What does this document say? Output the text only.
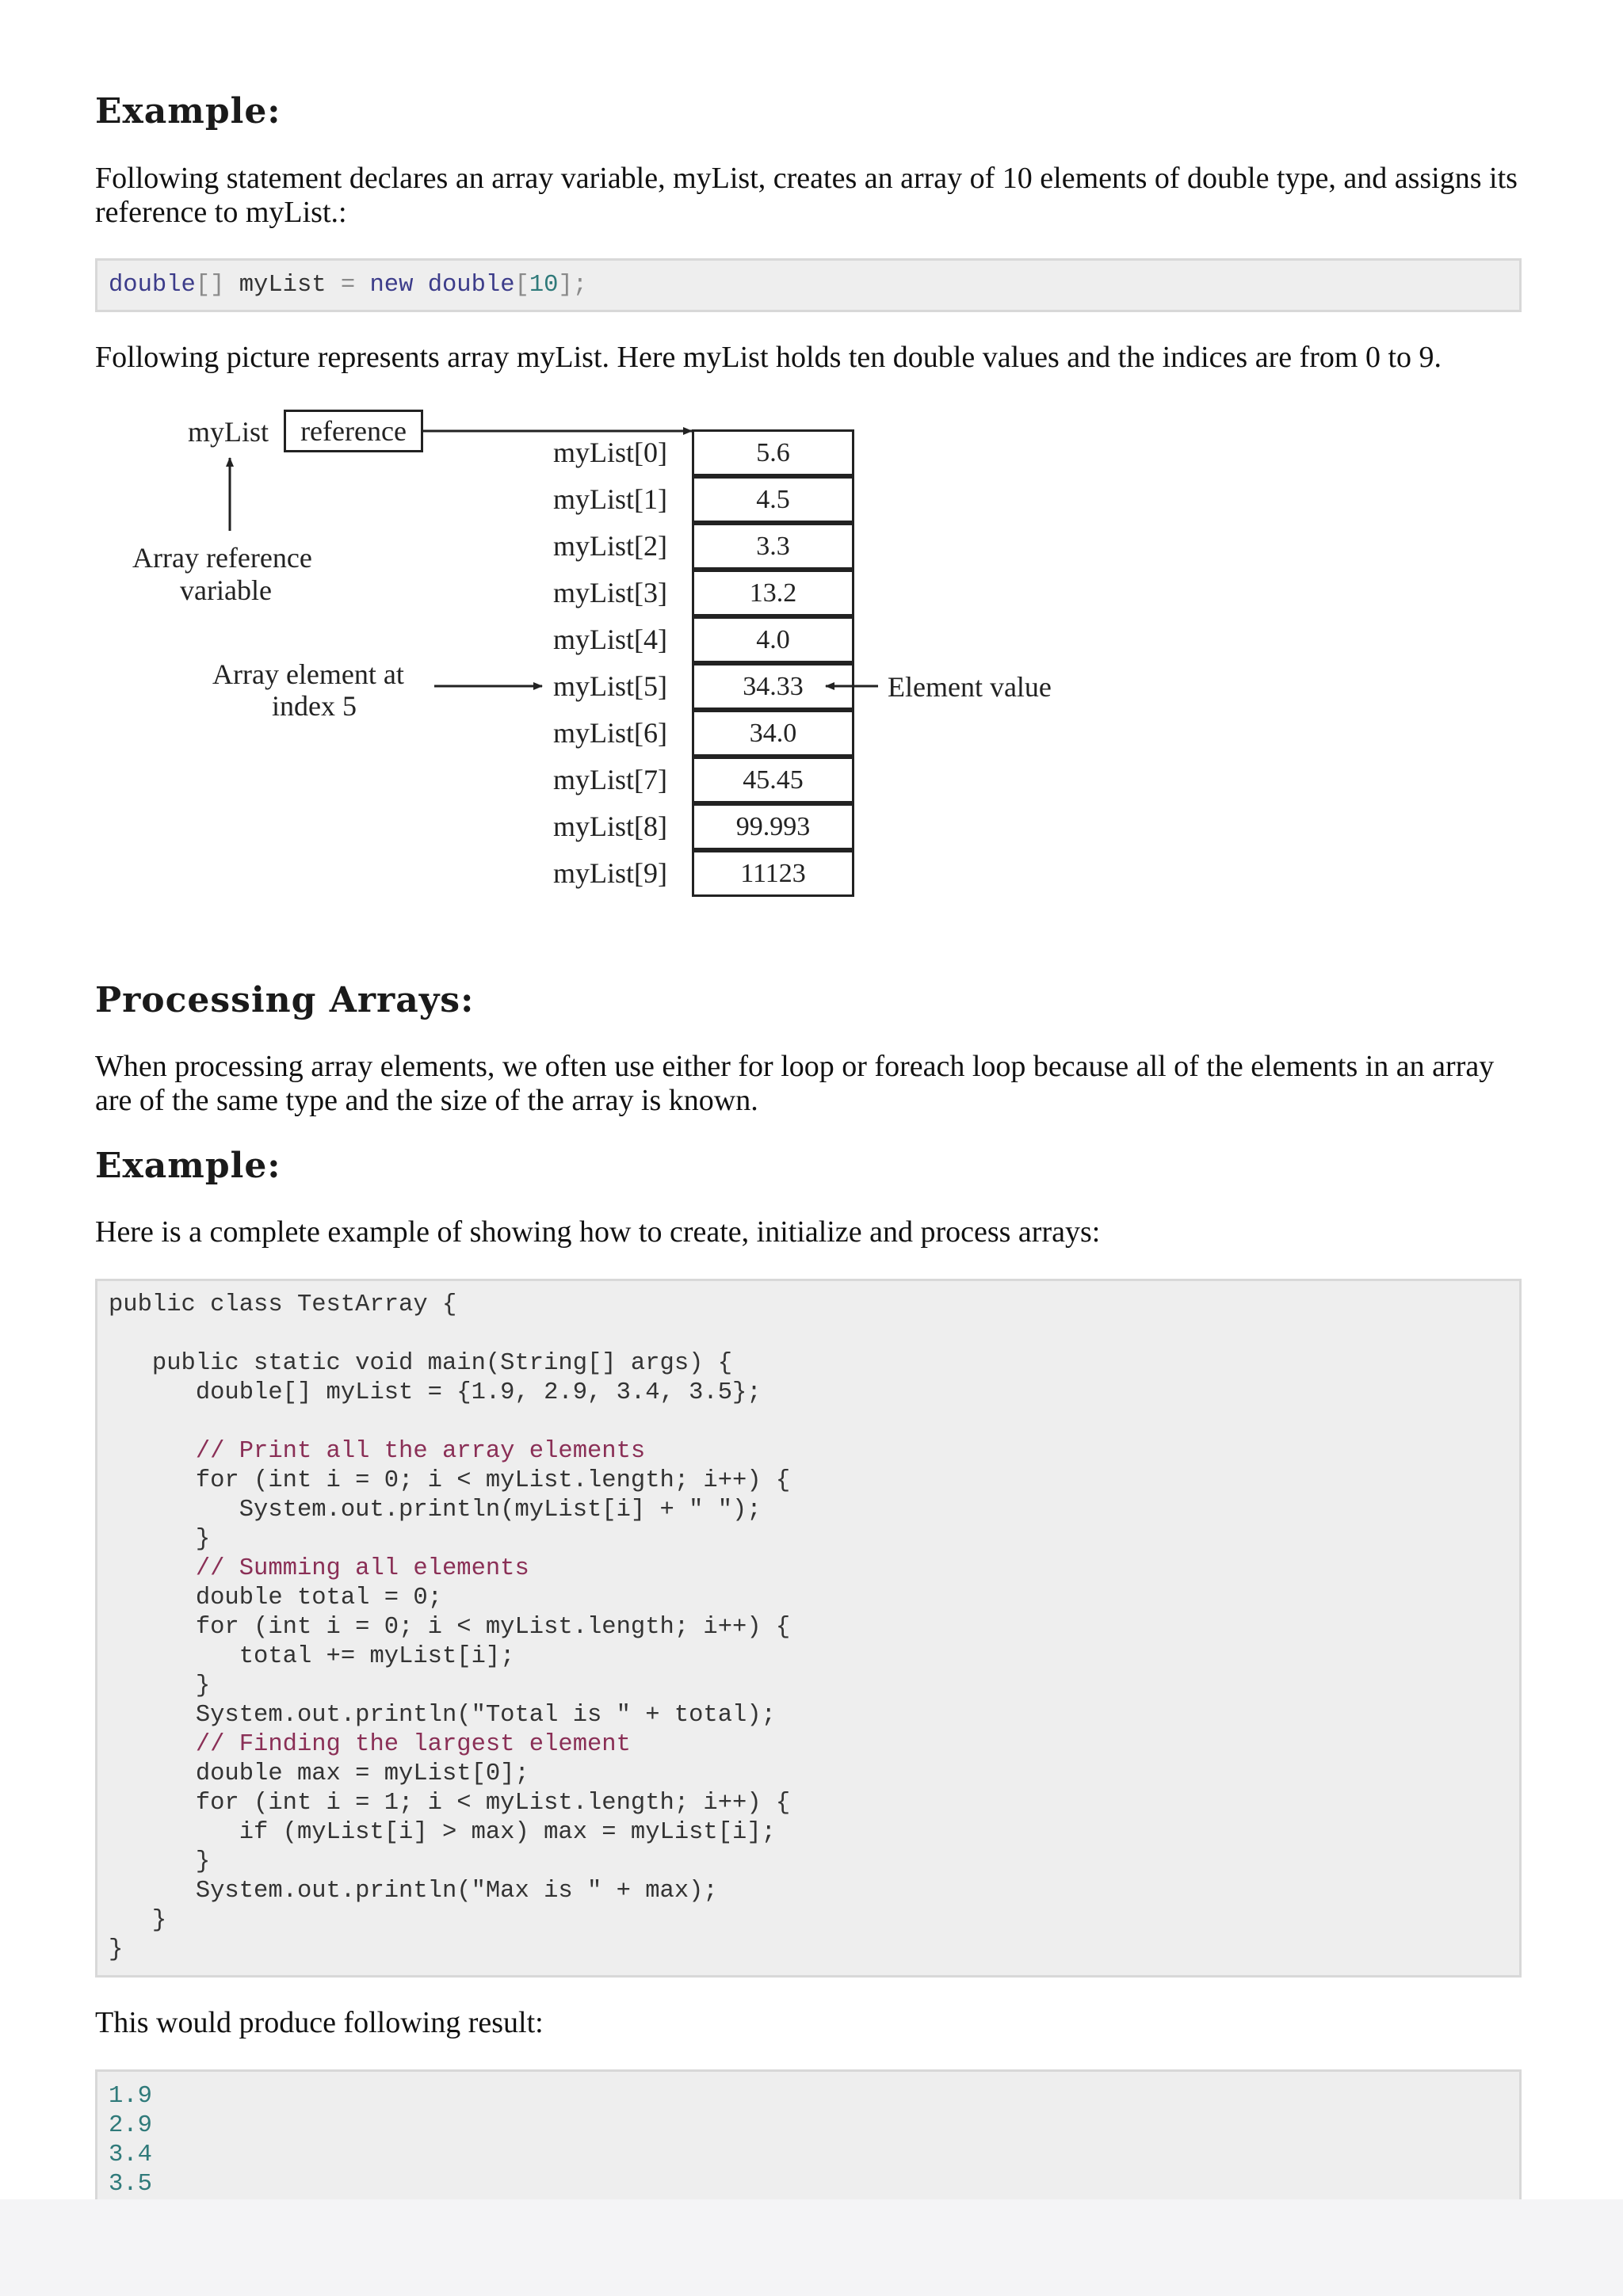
Example:

Following statement declares an array variable, myList, creates an array of 10 elements of double type, and assigns its reference to myList.:

double[] myList = new double[10];

Following picture represents array myList. Here myList holds ten double values and the indices are from 0 to 9.

myList reference
Array reference
variable
Array element at
index 5
Element value
myList[0]
myList[1]
myList[2]
myList[3]
myList[4]
myList[5]
myList[6]
myList[7]
myList[8]
myList[9]
5.6
4.5
3.3
13.2
4.0
34.33
34.0
45.45
99.993
11123
Processing Arrays:

When processing array elements, we often use either for loop or foreach loop because all of the elements in an array are of the same type and the size of the array is known.

Example:

Here is a complete example of showing how to create, initialize and process arrays:

public class TestArray {

public static void main(String[] args) {
double[] myList = {1.9, 2.9, 3.4, 3.5};

// Print all the array elements
for (int i = 0; i < myList.length; i++) {
System.out.println(myList[i] + " ");
}
// Summing all elements
double total = 0;
for (int i = 0; i < myList.length; i++) {
total += myList[i];
}
System.out.println("Total is " + total);
// Finding the largest element
double max = myList[0];
for (int i = 1; i < myList.length; i++) {
if (myList[i] > max) max = myList[i];
}
System.out.println("Max is " + max);
}
}

This would produce following result:

1.9
2.9
3.4
3.5
